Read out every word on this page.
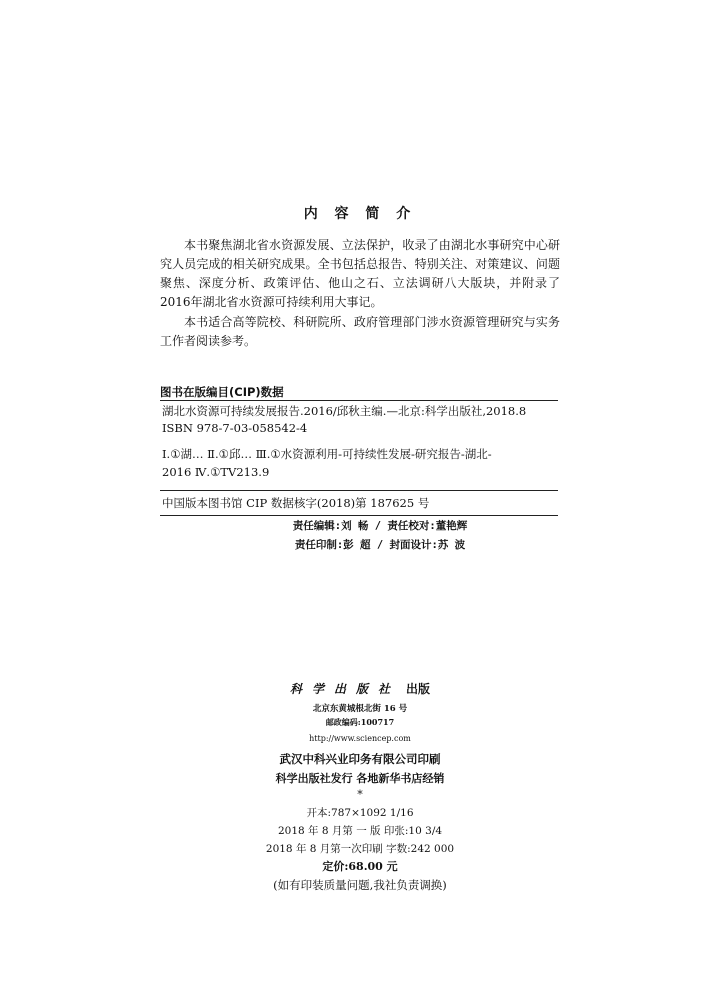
内 容 简 介

本书聚焦湖北省水资源发展、立法保护，收录了由湖北水事研究中心研究人员完成的相关研究成果。全书包括总报告、特别关注、对策建议、问题聚焦、深度分析、政策评估、他山之石、立法调研八大版块，并附录了2016年湖北省水资源可持续利用大事记。

本书适合高等院校、科研院所、政府管理部门涉水资源管理研究与实务工作者阅读参考。

图书在版编目(CIP)数据
湖北水资源可持续发展报告.2016/邱秋主编.—北京:科学出版社,2018.8
ISBN 978-7-03-058542-4
Ⅰ.①湖… Ⅱ.①邱… Ⅲ.①水资源利用-可持续性发展-研究报告-湖北-
2016 Ⅳ.①TV213.9
中国版本图书馆 CIP 数据核字(2018)第 187625 号
责任编辑:刘 畅 / 责任校对:董艳辉
责任印制:彭 超 / 封面设计:苏 波
科学出版社 出版
北京东黄城根北街 16 号
邮政编码:100717
http://www.sciencep.com
武汉中科兴业印务有限公司印刷
科学出版社发行 各地新华书店经销
*
开本:787×1092 1/16
2018 年 8 月第 一 版 印张:10 3/4
2018 年 8 月第一次印刷 字数:242 000
定价:68.00 元
(如有印装质量问题,我社负责调换)
